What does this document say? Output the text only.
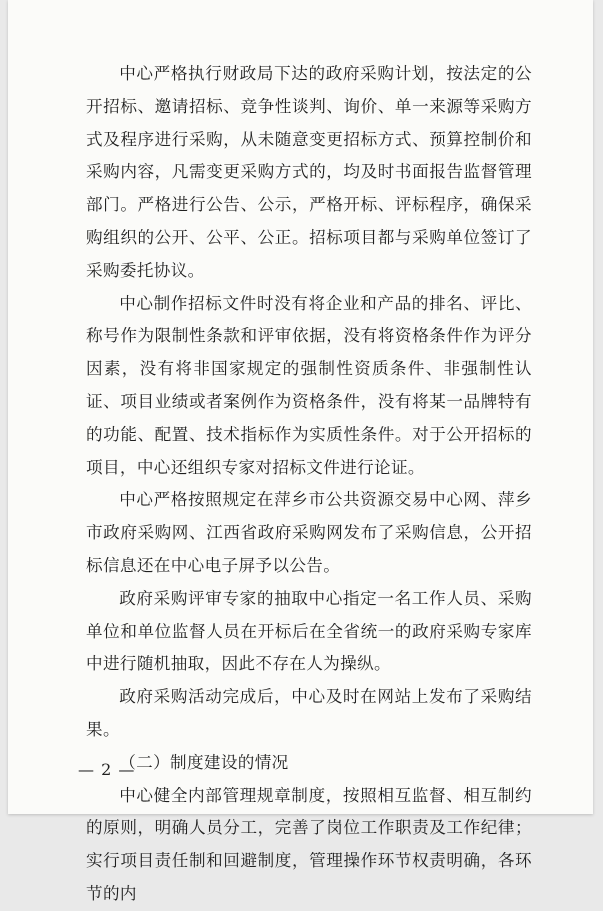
中心严格执行财政局下达的政府采购计划，按法定的公开招标、邀请招标、竞争性谈判、询价、单一来源等采购方式及程序进行采购，从未随意变更招标方式、预算控制价和采购内容，凡需变更采购方式的，均及时书面报告监督管理部门。严格进行公告、公示，严格开标、评标程序，确保采购组织的公开、公平、公正。招标项目都与采购单位签订了采购委托协议。

中心制作招标文件时没有将企业和产品的排名、评比、称号作为限制性条款和评审依据，没有将资格条件作为评分因素，没有将非国家规定的强制性资质条件、非强制性认证、项目业绩或者案例作为资格条件，没有将某一品牌特有的功能、配置、技术指标作为实质性条件。对于公开招标的项目，中心还组织专家对招标文件进行论证。

中心严格按照规定在萍乡市公共资源交易中心网、萍乡市政府采购网、江西省政府采购网发布了采购信息，公开招标信息还在中心电子屏予以公告。

政府采购评审专家的抽取中心指定一名工作人员、采购单位和单位监督人员在开标后在全省统一的政府采购专家库中进行随机抽取，因此不存在人为操纵。

政府采购活动完成后，中心及时在网站上发布了采购结果。

（二）制度建设的情况

中心健全内部管理规章制度，按照相互监督、相互制约的原则，明确人员分工，完善了岗位工作职责及工作纪律；实行项目责任制和回避制度，管理操作环节权责明确，各环节的内

— 2 —
